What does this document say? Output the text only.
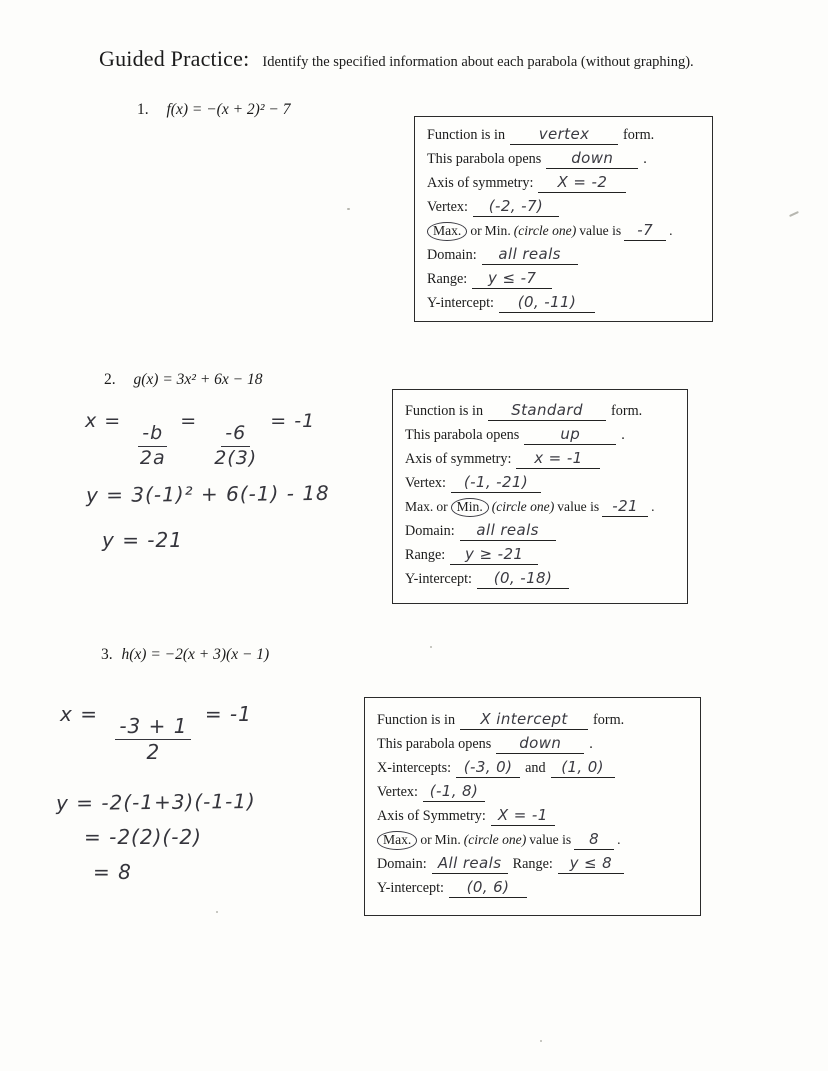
Guided Practice: Identify the specified information about each parabola (without graphing).
1. f(x) = −(x + 2)² − 7
Function is in	vertex	form.
This parabola opens	down	.
Axis of symmetry:	X = -2
Vertex:	(-2, -7)
Max. or Min. (circle one) value is	-7	.
Domain:	all reals
Range:	y ≤ -7
Y-intercept:	(0, -11)
2. g(x) = 3x² + 6x − 18
x =
$\frac{-b}{2a}$
=
$\frac{-6}{2(3)}$
= -1
y = 3(-1)² + 6(-1) - 18
y = -21
Function is in	Standard	form.
This parabola opens	up	.
Axis of symmetry:	x = -1
Vertex:	(-1, -21)
Max. or Min. (circle one) value is -21 .
Domain:	all reals
Range:	y ≥ -21
Y-intercept:	(0, -18)
3. h(x) = −2(x + 3)(x − 1)
x =
$\frac{-3 + 1}{2}$
= -1
y = -2(-1+3)(-1-1)
= -2(2)(-2)
= 8
Function is in	X intercept	form.
This parabola opens	down	.
X-intercepts: (-3, 0) and	(1, 0)
Vertex: (-1, 8)
Axis of Symmetry: X = -1
Max. or Min. (circle one) value is	8	.
Domain: All reals Range:	y ≤ 8
Y-intercept:	(0, 6)
